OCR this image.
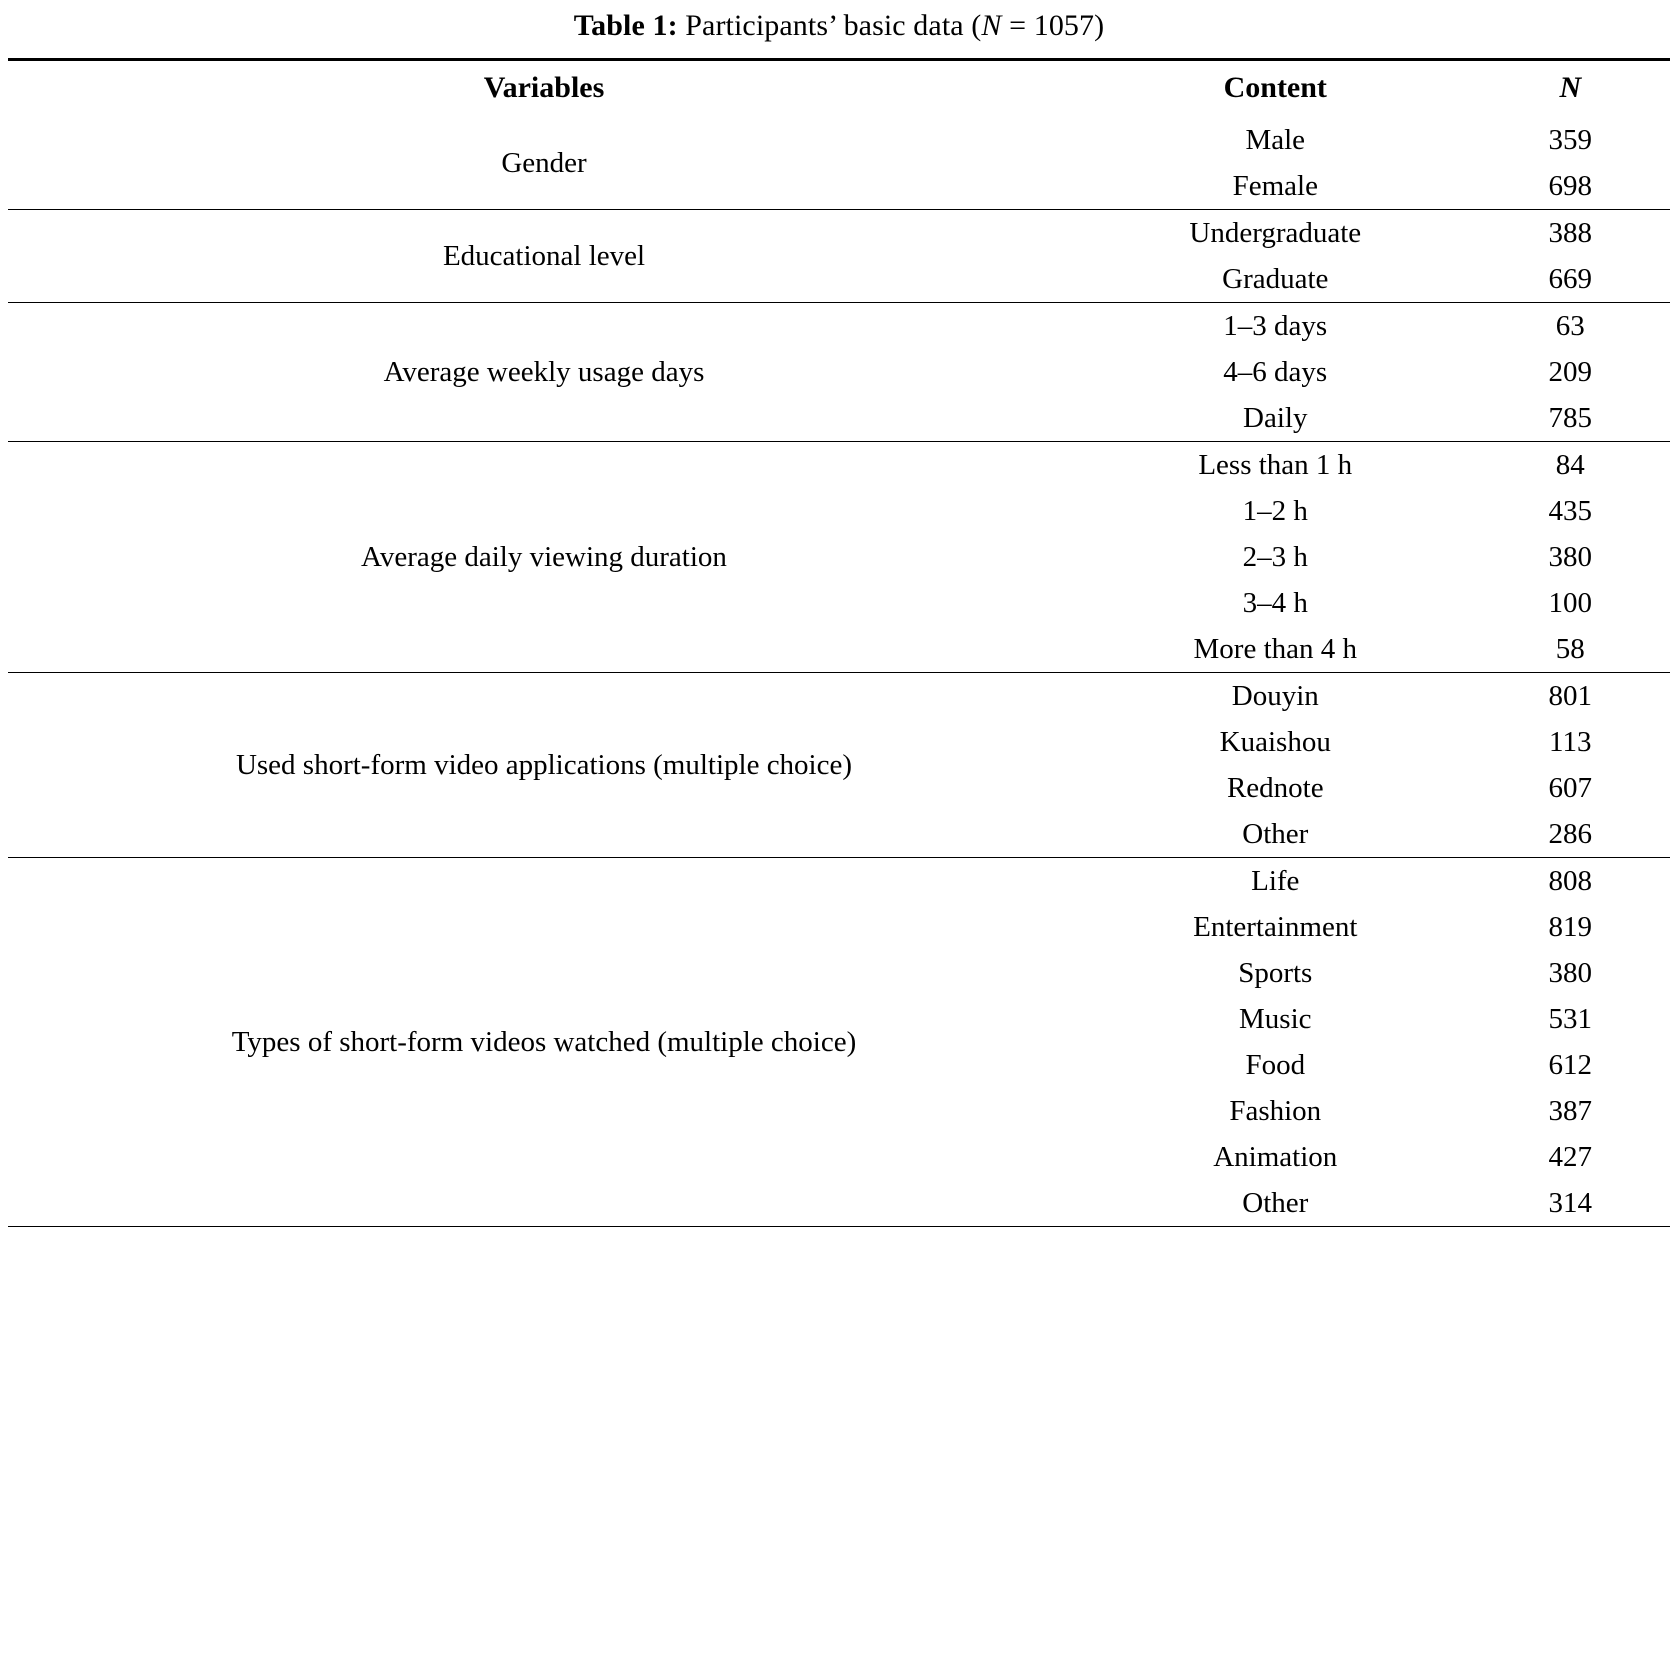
Table 1: Participants’ basic data (N = 1057)

Variables	Content	N
Gender	Male	359
	Female	698
Educational level	Undergraduate	388
	Graduate	669
Average weekly usage days	1–3 days	63
	4–6 days	209
	Daily	785
Average daily viewing duration	Less than 1 h	84
	1–2 h	435
	2–3 h	380
	3–4 h	100
	More than 4 h	58
Used short-form video applications (multiple choice)	Douyin	801
	Kuaishou	113
	Rednote	607
	Other	286
Types of short-form videos watched (multiple choice)	Life	808
	Entertainment	819
	Sports	380
	Music	531
	Food	612
	Fashion	387
	Animation	427
	Other	314
